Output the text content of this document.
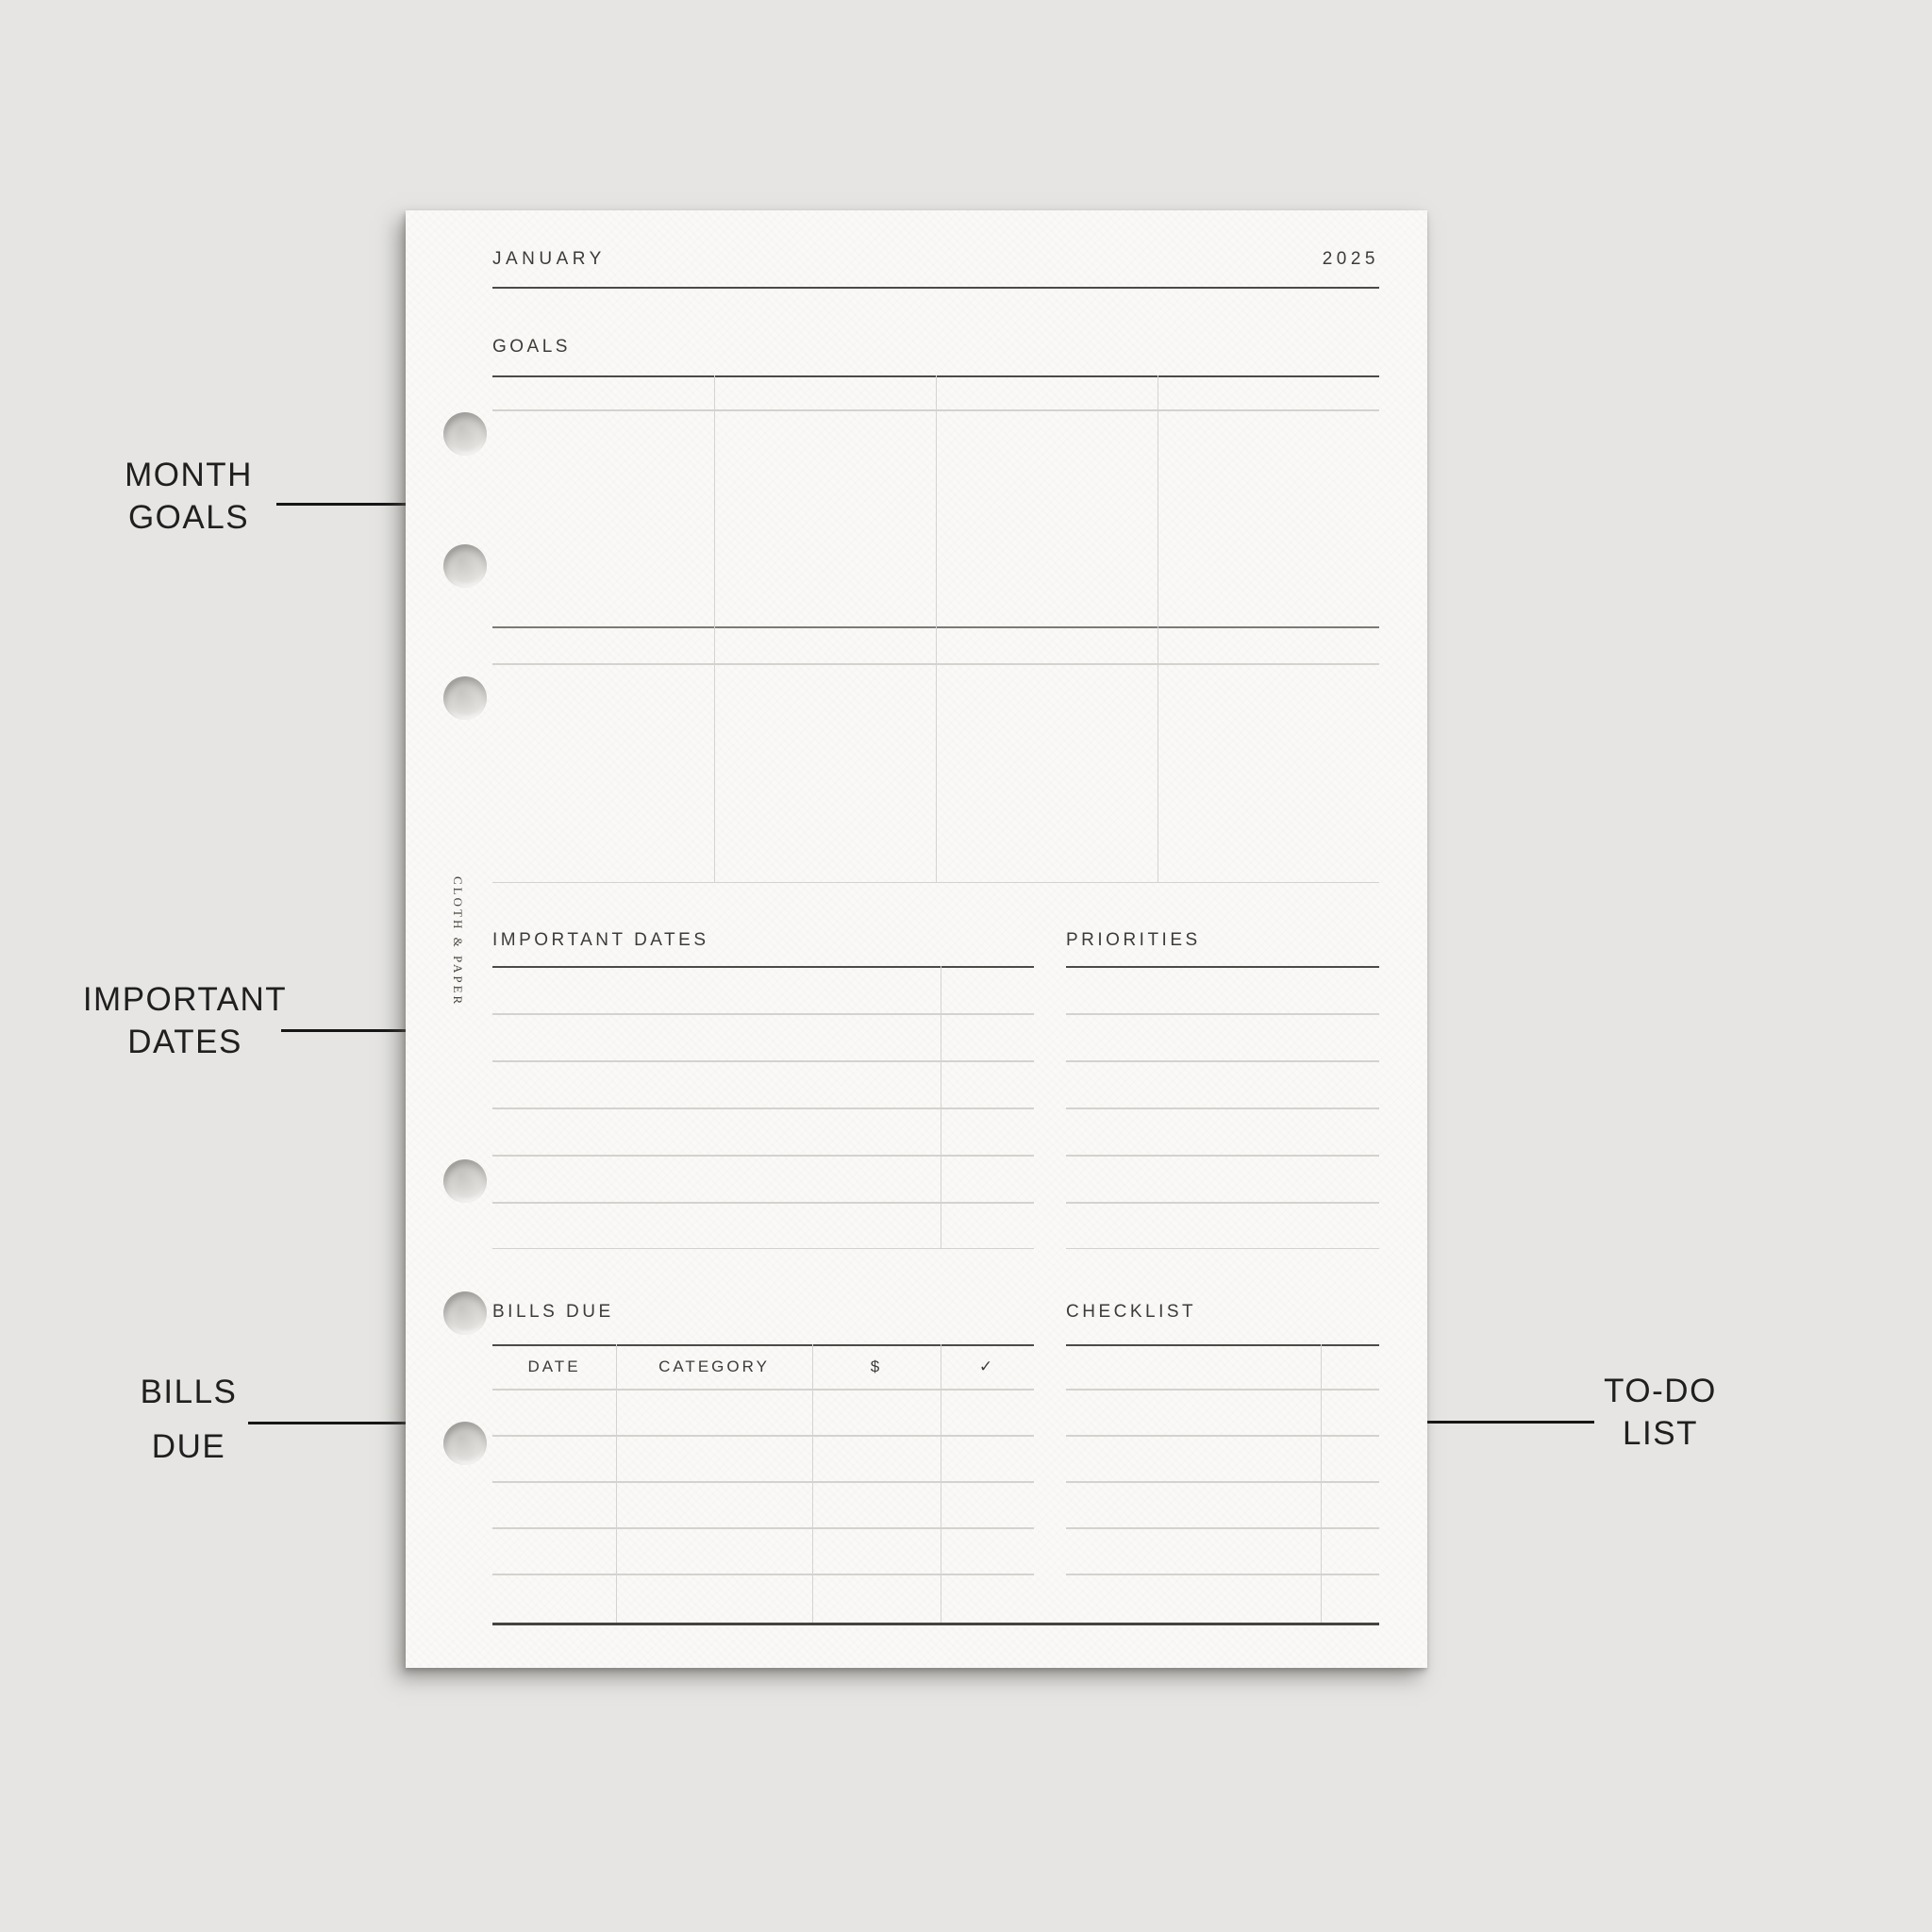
MONTH
GOALS
IMPORTANT
DATES
BILLS
DUE
TO-DO
LIST
JANUARY	2025
GOALS
CLOTH & PAPER IMPORTANT DATES	PRIORITIES
BILLS DUE
DATE	CATEGORY	$	✓
CHECKLIST
